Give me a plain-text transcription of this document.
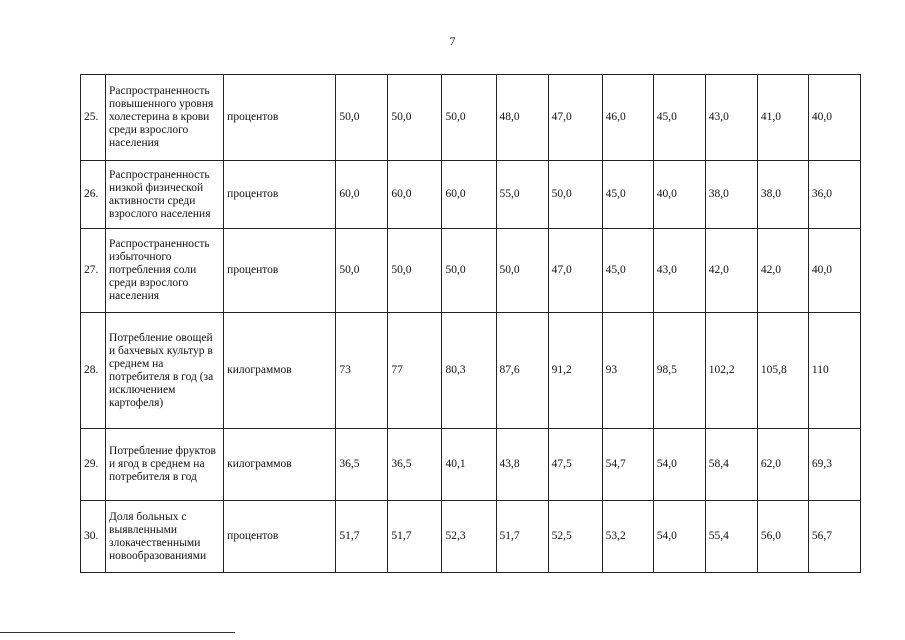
7
25.	Распространенность повышенного уровня холестерина в крови среди взрослого населения	процентов	50,0	50,0	50,0	48,0	47,0	46,0	45,0	43,0	41,0	40,0
26.	Распространенность низкой физической активности среди взрослого населения	процентов	60,0	60,0	60,0	55,0	50,0	45,0	40,0	38,0	38,0	36,0
27.	Распространенность избыточного потребления соли среди взрослого населения	процентов	50,0	50,0	50,0	50,0	47,0	45,0	43,0	42,0	42,0	40,0
28.	Потребление овощей и бахчевых культур в среднем на потребителя в год (за исключением картофеля)	килограммов	73	77	80,3	87,6	91,2	93	98,5	102,2	105,8	110
29.	Потребление фруктов и ягод в среднем на потребителя в год	килограммов	36,5	36,5	40,1	43,8	47,5	54,7	54,0	58,4	62,0	69,3
30.	Доля больных с выявленными злокачественными новообразованиями	процентов	51,7	51,7	52,3	51,7	52,5	53,2	54,0	55,4	56,0	56,7
